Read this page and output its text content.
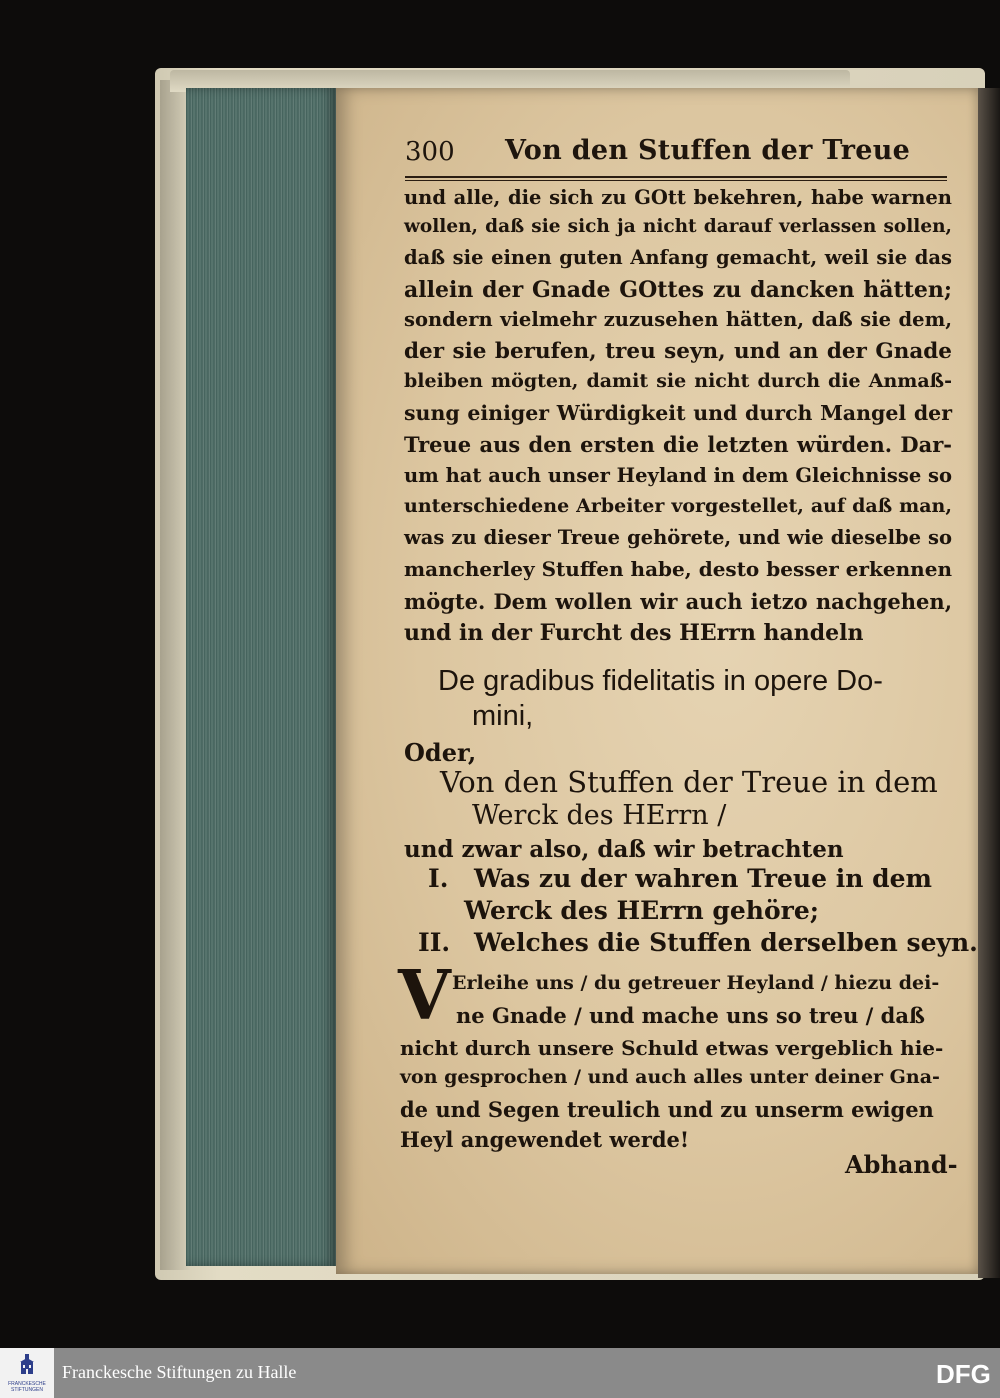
300 Von den Stuffen der Treue
und alle, die sich zu GOtt bekehren, habe warnen
wollen, daß sie sich ja nicht darauf verlassen sollen,
daß sie einen guten Anfang gemacht, weil sie das
allein der Gnade GOttes zu dancken hätten;
sondern vielmehr zuzusehen hätten, daß sie dem,
der sie berufen, treu seyn, und an der Gnade
bleiben mögten, damit sie nicht durch die Anmaß-
sung einiger Würdigkeit und durch Mangel der
Treue aus den ersten die letzten würden. Dar-
um hat auch unser Heyland in dem Gleichnisse so
unterschiedene Arbeiter vorgestellet, auf daß man,
was zu dieser Treue gehörete, und wie dieselbe so
mancherley Stuffen habe, desto besser erkennen
mögte. Dem wollen wir auch ietzo nachgehen,
und in der Furcht des HErrn handeln
De gradibus fidelitatis in opere Do-
mini,
Oder,
Von den Stuffen der Treue in dem
Werck des HErrn /
und zwar also, daß wir betrachten
I. Was zu der wahren Treue in dem
Werck des HErrn gehöre;
II. Welches die Stuffen derselben seyn.
V Erleihe uns / du getreuer Heyland / hiezu dei-
ne Gnade / und mache uns so treu / daß
nicht durch unsere Schuld etwas vergeblich hie-
von gesprochen / und auch alles unter deiner Gna-
de und Segen treulich und zu unserm ewigen
Heyl angewendet werde!
Abhand-
FRANCKESCHE STIFTUNGEN
Franckesche Stiftungen zu Halle	DFG
